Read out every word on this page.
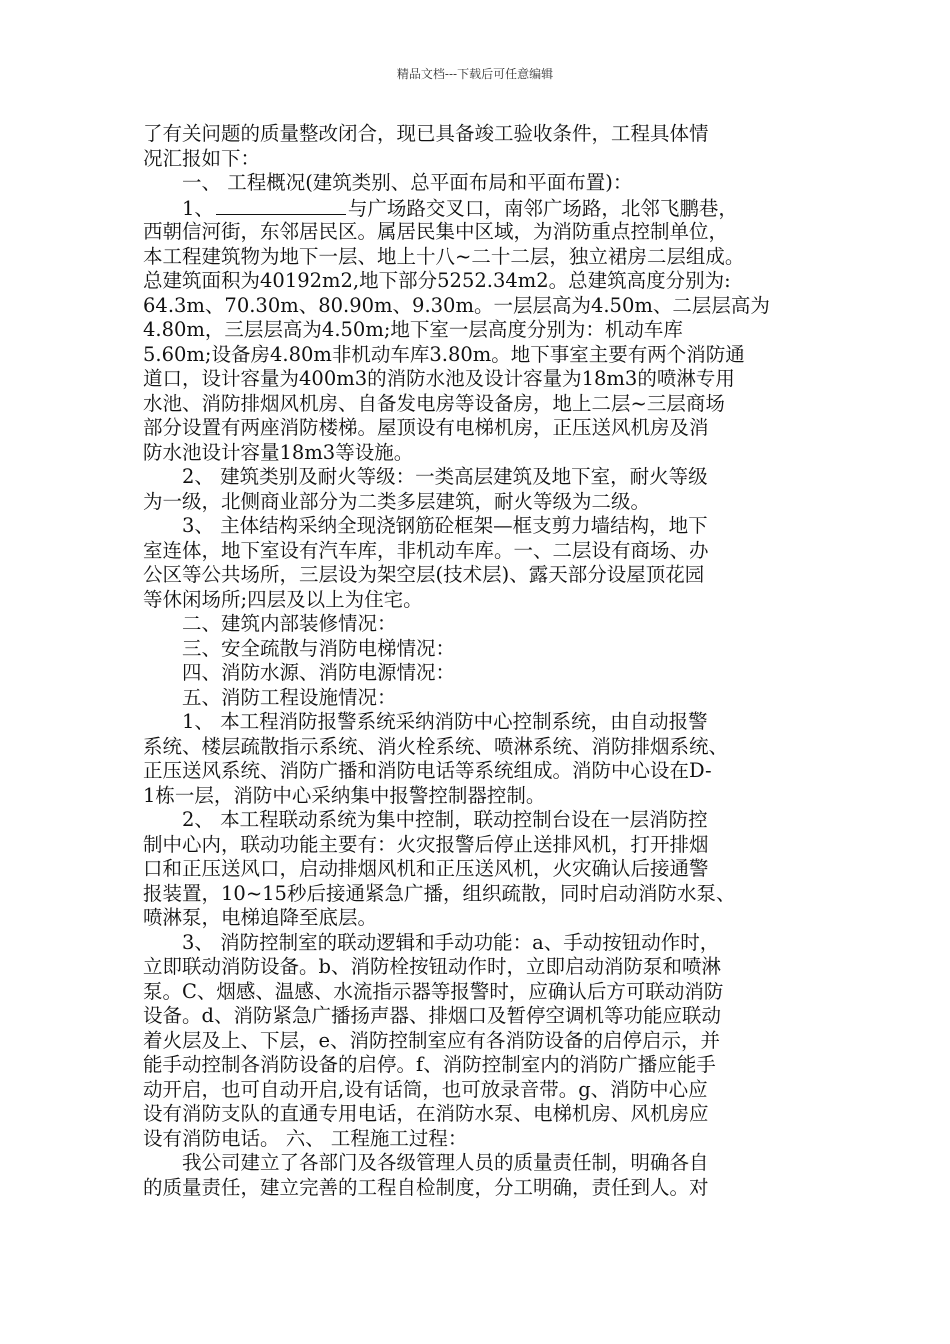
精品文档---下载后可任意编辑
了有关问题的质量整改闭合，现已具备竣工验收条件，工程具体情
况汇报如下：
　　一、 工程概况(建筑类别、总平面布局和平面布置)：
　　1、	与广场路交叉口，南邻广场路，北邻飞鹏巷，
西朝信河街，东邻居民区。属居民集中区域，为消防重点控制单位，
本工程建筑物为地下一层、地上十八~二十二层，独立裙房二层组成。
总建筑面积为40192m2,地下部分5252.34m2。总建筑高度分别为:
64.3m、70.30m、80.90m、9.30m。一层层高为4.50m、二层层高为
4.80m，三层层高为4.50m;地下室一层高度分别为：机动车库
5.60m;设备房4.80m非机动车库3.80m。地下事室主要有两个消防通
道口，设计容量为400m3的消防水池及设计容量为18m3的喷淋专用
水池、消防排烟风机房、自备发电房等设备房，地上二层~三层商场
部分设置有两座消防楼梯。屋顶设有电梯机房，正压送风机房及消
防水池设计容量18m3等设施。
　　2、 建筑类别及耐火等级：一类高层建筑及地下室，耐火等级
为一级，北侧商业部分为二类多层建筑，耐火等级为二级。
　　3、 主体结构采纳全现浇钢筋砼框架—框支剪力墙结构，地下
室连体，地下室设有汽车库，非机动车库。一、二层设有商场、办
公区等公共场所，三层设为架空层(技术层)、露天部分设屋顶花园
等休闲场所;四层及以上为住宅。
　　二、建筑内部装修情况：
　　三、安全疏散与消防电梯情况：
　　四、消防水源、消防电源情况：
　　五、消防工程设施情况：
　　1、 本工程消防报警系统采纳消防中心控制系统，由自动报警
系统、楼层疏散指示系统、消火栓系统、喷淋系统、消防排烟系统、
正压送风系统、消防广播和消防电话等系统组成。消防中心设在D-
1栋一层，消防中心采纳集中报警控制器控制。
　　2、 本工程联动系统为集中控制，联动控制台设在一层消防控
制中心内，联动功能主要有：火灾报警后停止送排风机，打开排烟
口和正压送风口，启动排烟风机和正压送风机，火灾确认后接通警
报装置，10~15秒后接通紧急广播，组织疏散，同时启动消防水泵、
喷淋泵，电梯追降至底层。
　　3、 消防控制室的联动逻辑和手动功能：a、手动按钮动作时，
立即联动消防设备。b、消防栓按钮动作时，立即启动消防泵和喷淋
泵。C、烟感、温感、水流指示器等报警时，应确认后方可联动消防
设备。d、消防紧急广播扬声器、排烟口及暂停空调机等功能应联动
着火层及上、下层，e、消防控制室应有各消防设备的启停启示，并
能手动控制各消防设备的启停。f、消防控制室内的消防广播应能手
动开启，也可自动开启,设有话筒，也可放录音带。g、消防中心应
设有消防支队的直通专用电话，在消防水泵、电梯机房、风机房应
设有消防电话。 六、 工程施工过程：
　　我公司建立了各部门及各级管理人员的质量责任制，明确各自
的质量责任，建立完善的工程自检制度，分工明确，责任到人。对
